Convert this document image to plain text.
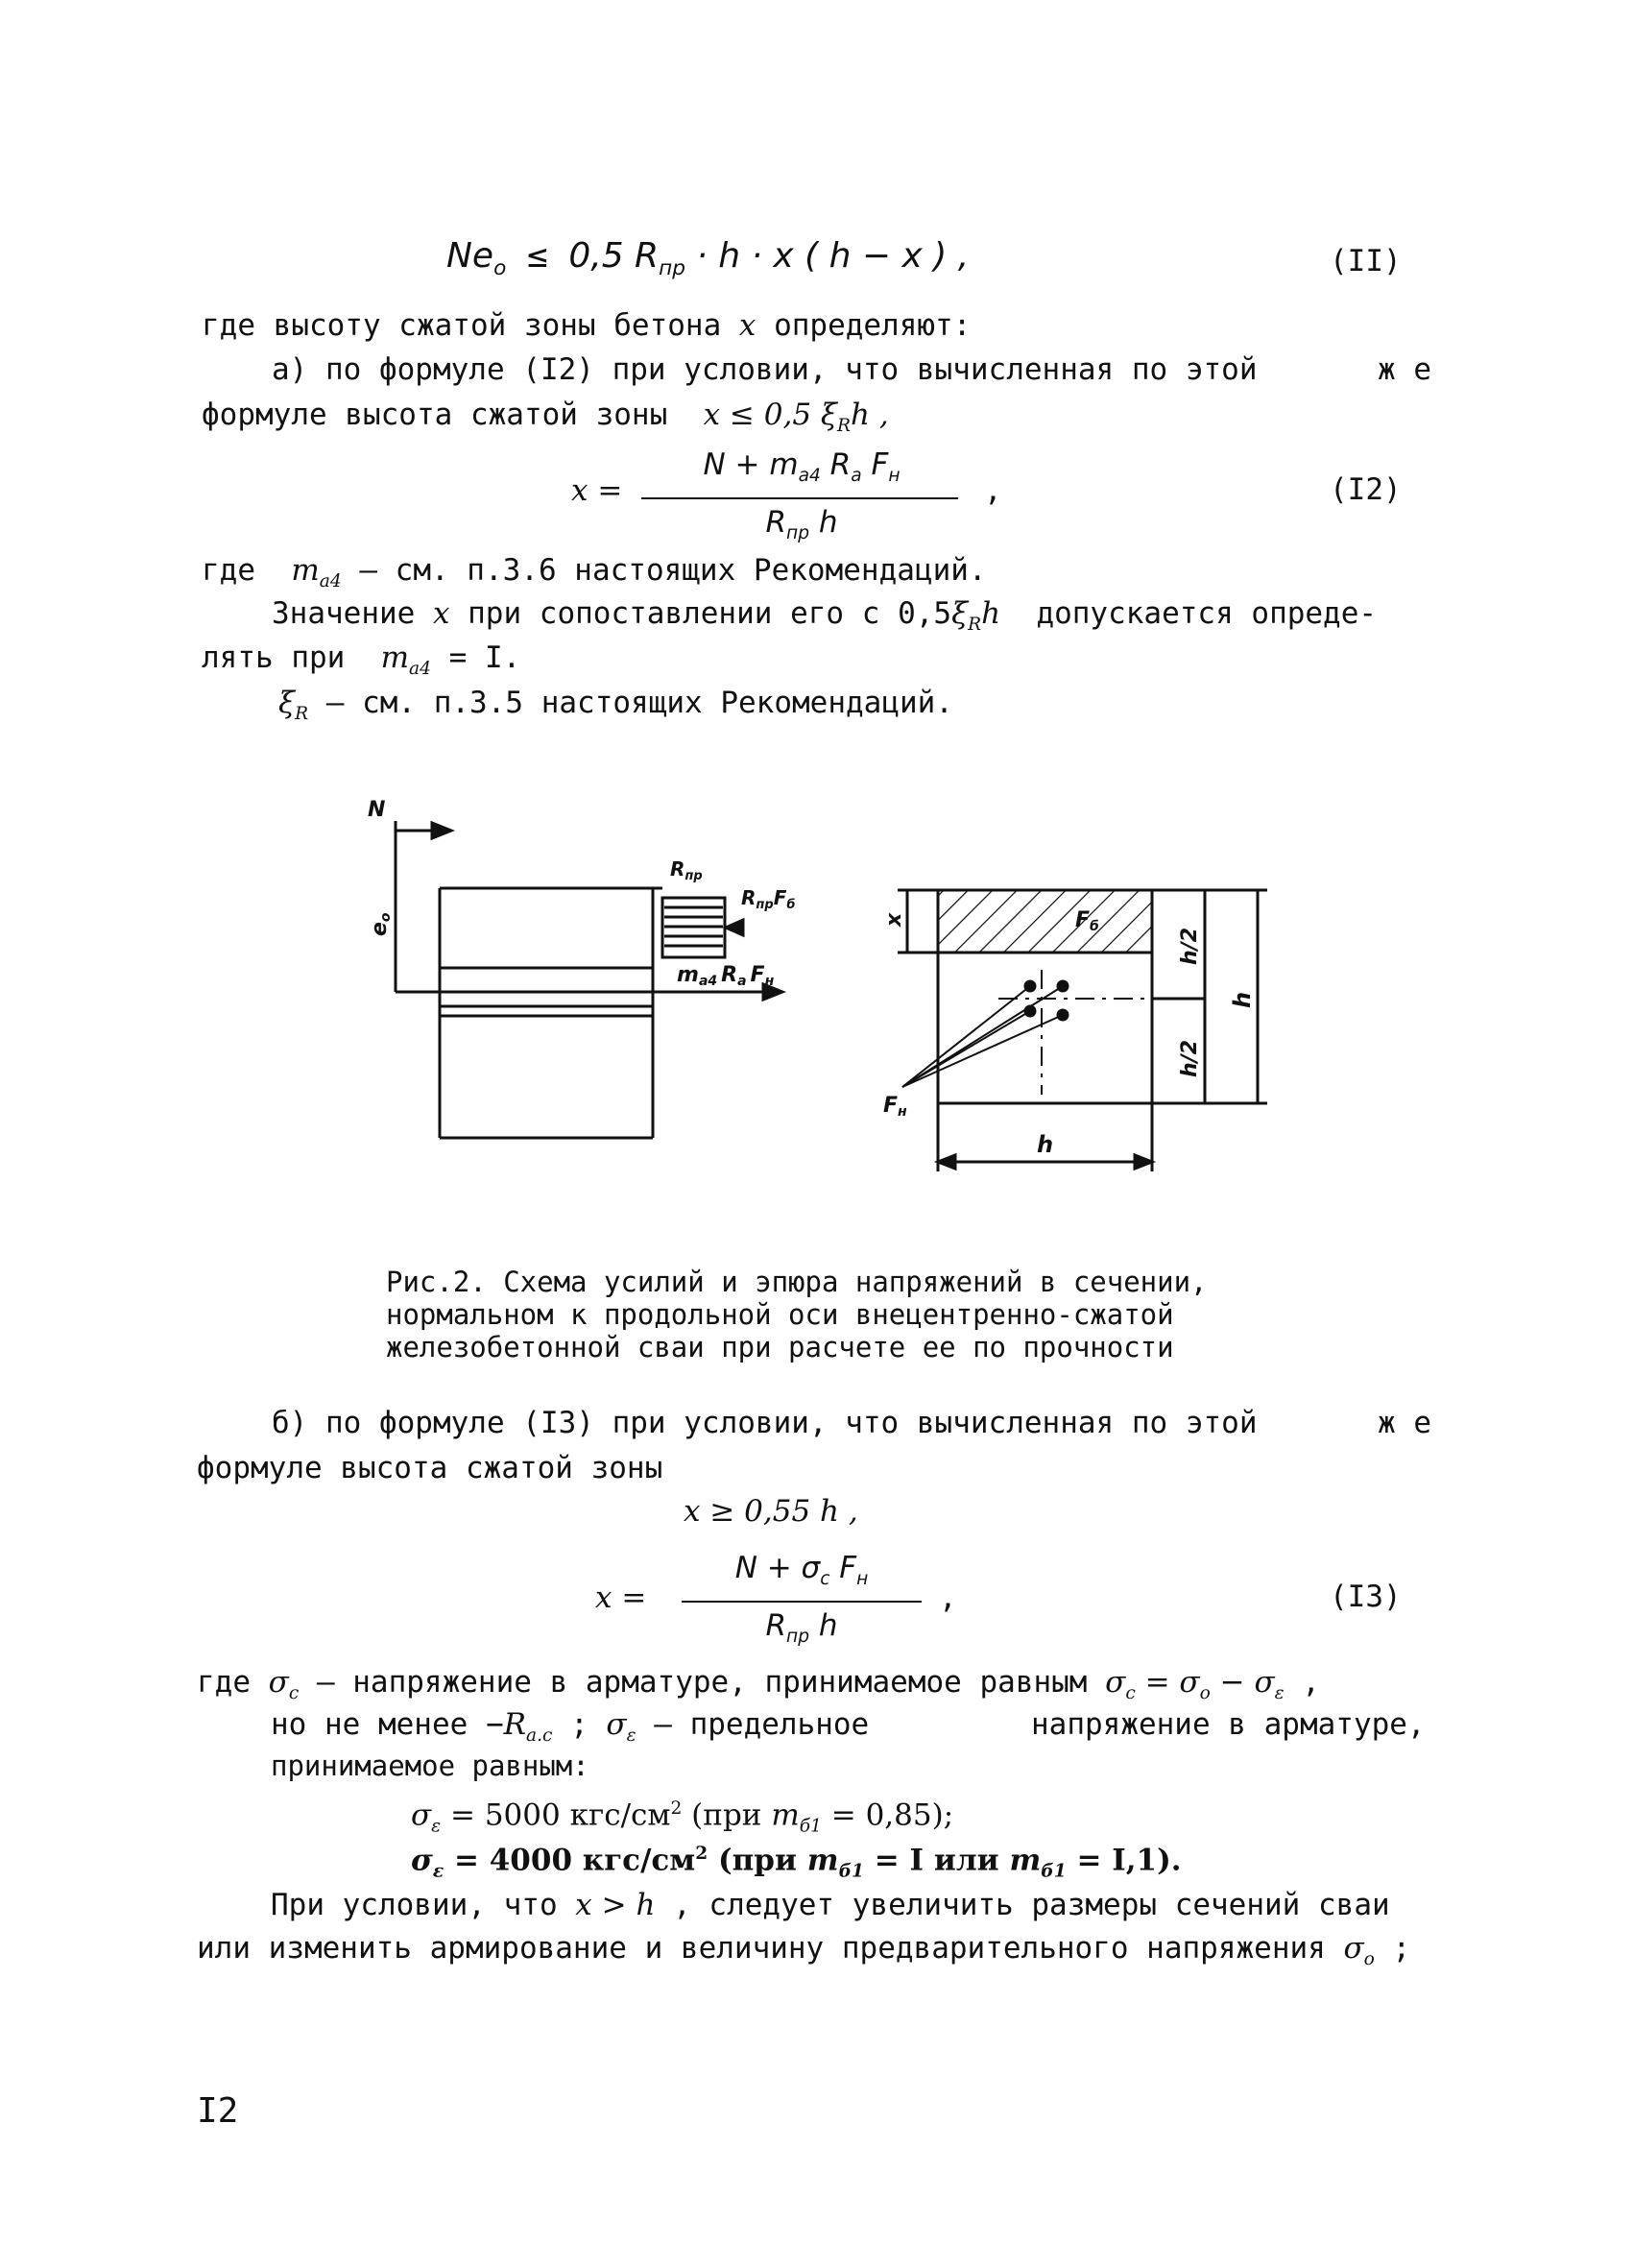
$Ne_o \le 0,5$ $R_{пр} \cdot h \cdot x$ ( h − x ) ,	(II)
где высоту сжатой зоны бетона x определяют:
а) по формуле (I2) при условии, что вычисленная по этой	ж е
формуле высота сжатой зоны x ≤ 0,5 $\xi_Rh$ ,
x =
$N + m_{a4}$ $R_a$ $F_н$
$R_{пр}$ h
,	(I2)
где $m_{a4}$ – см. п.3.6 настоящих Рекомендаций.
Значение x при сопоставлении его с $0,5\xi_Rh$ допускается опреде-
лять при $m_{a4} = I$.
$\xi_R$ – см. п.3.5 настоящих Рекомендаций.
N
eo
$R_{пр}$
$R_{пр}F_б$
ma4 Ra Fн
x	Fб
h/2
h/2
h
h
Fн
Рис.2. Схема усилий и эпюра напряжений в сечении,
нормальном к продольной оси внецентренно-сжатой
железобетонной сваи при расчете ее по прочности
б) по формуле (I3) при условии, что вычисленная по этой	ж е
формуле высота сжатой зоны
x ≥ 0,55 h ,
x =
$N + \sigma_c$ $F_н$
$R_{пр}$ h
,	(I3)
где $\sigma_c$ – напряжение в арматуре, принимаемое равным $\sigma_c = \sigma_o - \sigma_\varepsilon$ ,
но не менее $-R_{a.c}$ ; $\sigma_\varepsilon$ – предельное	напряжение в арматуре,
принимаемое равным:
$\sigma_\varepsilon = 5000$ кгс/$см^2$ (при $m_{б1} = 0,85$);
$\sigma_\varepsilon = 4000$ кгс/$см^2$ (при $m_{б1} = I$ или $m_{б1} = I,1$).
При условии, что x > h , следует увеличить размеры сечений сваи
или изменить армирование и величину предварительного напряжения $\sigma_o$ ;
I2
